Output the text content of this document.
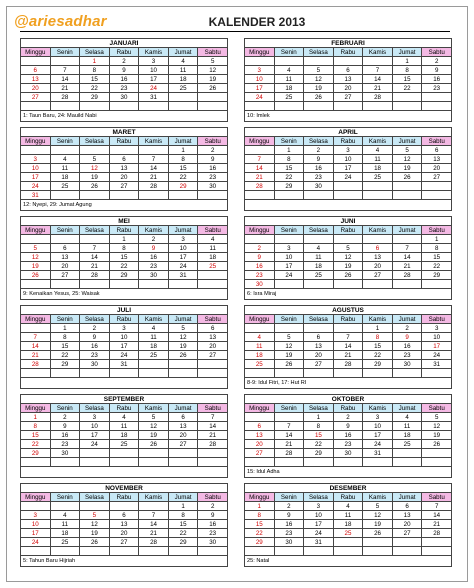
@ariesadhar	KALENDER 2013
JANUARI						
Minggu	Senin	Selasa	Rabu	Kamis	Jumat	Sabtu
		1	2	3	4	5
6	7	8	9	10	11	12
13	14	15	16	17	18	19
20	21	22	23	24	25	26
27	28	29	30	31		

1: Taun Baru, 24: Mauild Nabi
FEBRUARI						
Minggu	Senin	Selasa	Rabu	Kamis	Jumat	Sabtu
					1	2
3	4	5	6	7	8	9
10	11	12	13	14	15	16
17	18	19	20	21	22	23
24	25	26	27	28		

10: Imlek
MARET						
Minggu	Senin	Selasa	Rabu	Kamis	Jumat	Sabtu
					1	2
3	4	5	6	7	8	9
10	11	12	13	14	15	16
17	18	19	20	21	22	23
24	25	26	27	28	29	30
31						
12: Nyepi, 29: Jumat Agung
APRIL						
Minggu	Senin	Selasa	Rabu	Kamis	Jumat	Sabtu
	1	2	3	4	5	6
7	8	9	10	11	12	13
14	15	16	17	18	19	20
21	22	23	24	25	26	27
28	29	30				

MEI						
Minggu	Senin	Selasa	Rabu	Kamis	Jumat	Sabtu
			1	2	3	4
5	6	7	8	9	10	11
12	13	14	15	16	17	18
19	20	21	22	23	24	25
26	27	28	29	30	31	

9: Kenaikan Yesus, 25: Waisak
JUNI						
Minggu	Senin	Selasa	Rabu	Kamis	Jumat	Sabtu
						1
2	3	4	5	6	7	8
9	10	11	12	13	14	15
16	17	18	19	20	21	22
23	24	25	26	27	28	29
30						
6: Isra Miraj
JULI						
Minggu	Senin	Selasa	Rabu	Kamis	Jumat	Sabtu
	1	2	3	4	5	6
7	8	9	10	11	12	13
14	15	16	17	18	19	20
21	22	23	24	25	26	27
28	29	30	31			

AGUSTUS						
Minggu	Senin	Selasa	Rabu	Kamis	Jumat	Sabtu
				1	2	3
4	5	6	7	8	9	10
11	12	13	14	15	16	17
18	19	20	21	22	23	24
25	26	27	28	29	30	31

8-9: Idul Fitri, 17: Hut RI
SEPTEMBER						
Minggu	Senin	Selasa	Rabu	Kamis	Jumat	Sabtu
1	2	3	4	5	6	7
8	9	10	11	12	13	14
15	16	17	18	19	20	21
22	23	24	25	26	27	28
29	30					

OKTOBER						
Minggu	Senin	Selasa	Rabu	Kamis	Jumat	Sabtu
		1	2	3	4	5
6	7	8	9	10	11	12
13	14	15	16	17	18	19
20	21	22	23	24	25	26
27	28	29	30	31		

15: Idul Adha
NOVEMBER						
Minggu	Senin	Selasa	Rabu	Kamis	Jumat	Sabtu
					1	2
3	4	5	6	7	8	9
10	11	12	13	14	15	16
17	18	19	20	21	22	23
24	25	26	27	28	29	30

5: Tahun Baru Hijriah
DESEMBER						
Minggu	Senin	Selasa	Rabu	Kamis	Jumat	Sabtu
1	2	3	4	5	6	7
8	9	10	11	12	13	14
15	16	17	18	19	20	21
22	23	24	25	26	27	28
29	30	31				

25: Natal
